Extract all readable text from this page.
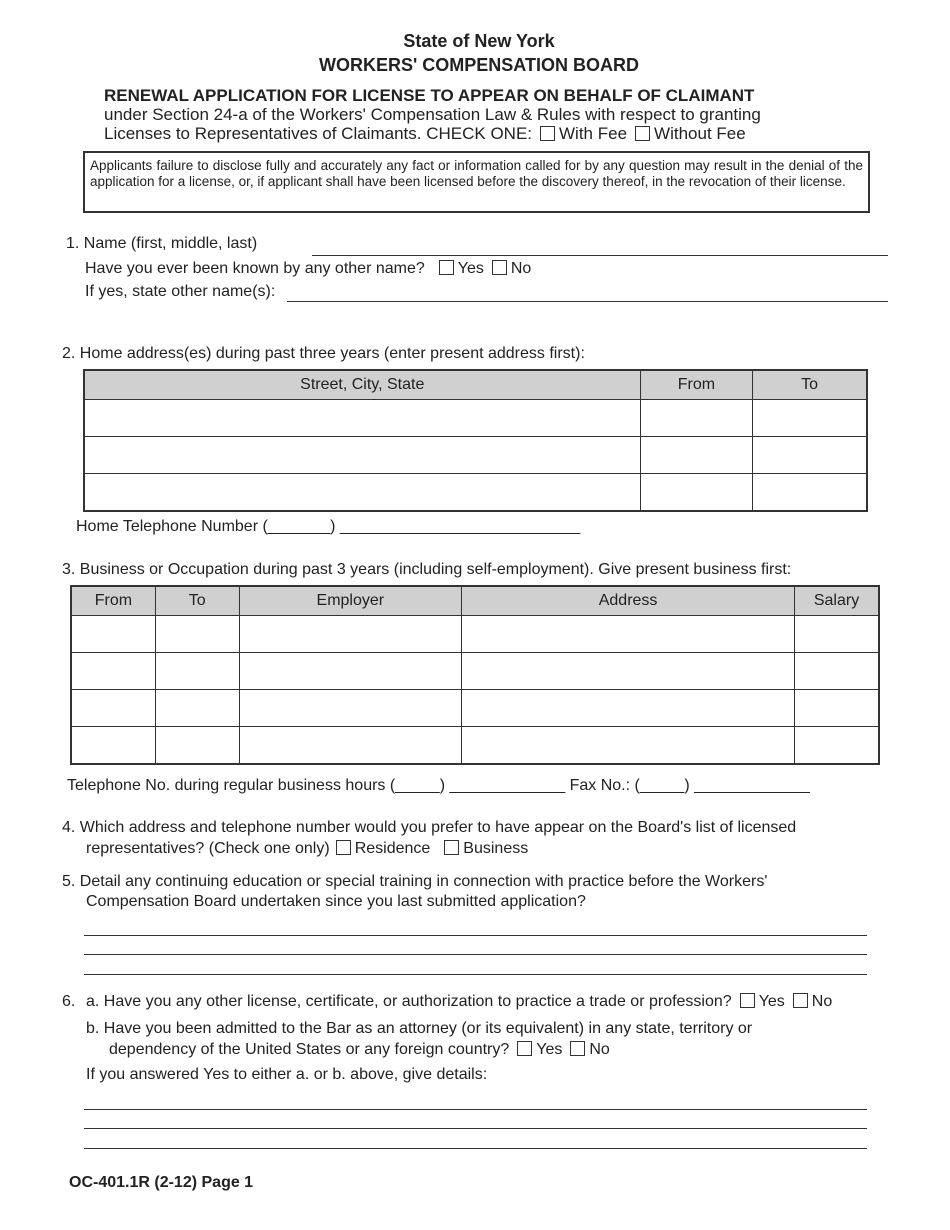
State of New York
WORKERS' COMPENSATION BOARD
RENEWAL APPLICATION FOR LICENSE TO APPEAR ON BEHALF OF CLAIMANT
under Section 24-a of the Workers' Compensation Law & Rules with respect to granting
Licenses to Representatives of Claimants. CHECK ONE: With Fee Without Fee
Applicants failure to disclose fully and accurately any fact or information called for by any question may result in the denial of the application for a license, or, if applicant shall have been licensed before the discovery thereof, in the revocation of their license.
1. Name (first, middle, last)
Have you ever been known by any other name? Yes No
If yes, state other name(s):
2. Home address(es) during past three years (enter present address first):
Street, City, State	From	To

Home Telephone Number (_______) ___________________________
3. Business or Occupation during past 3 years (including self-employment). Give present business first:
From	To	Employer	Address	Salary

Telephone No. during regular business hours (_____) _____________ Fax No.: (_____) _____________
4. Which address and telephone number would you prefer to have appear on the Board's list of licensed
representatives? (Check one only) Residence Business
5. Detail any continuing education or special training in connection with practice before the Workers'
Compensation Board undertaken since you last submitted application?
6. a. Have you any other license, certificate, or authorization to practice a trade or profession? Yes No
b. Have you been admitted to the Bar as an attorney (or its equivalent) in any state, territory or
dependency of the United States or any foreign country? Yes No
If you answered Yes to either a. or b. above, give details:
OC-401.1R (2-12) Page 1
